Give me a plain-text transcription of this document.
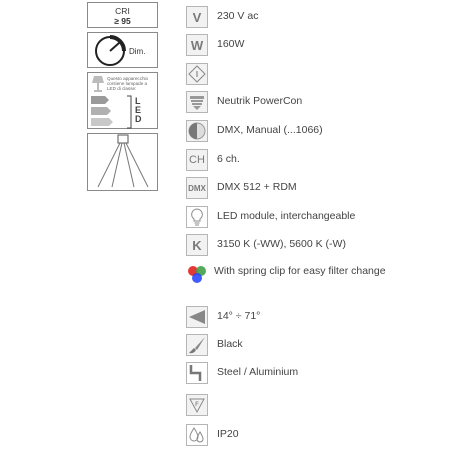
CRI
≥ 95
Dim.
Questo apparecchio contiene lampade a LED di classe:
L
E
D
V	230 V ac
W	160W
I
Neutrik PowerCon
DMX, Manual (...1066)
CH 6 ch.
DMX DMX 512 + RDM
LED module, interchangeable
K	3150 K (-WW), 5600 K (-W)
With spring clip for easy filter change
14° ÷ 71°
Black
Steel / Aluminium
F
IP20
